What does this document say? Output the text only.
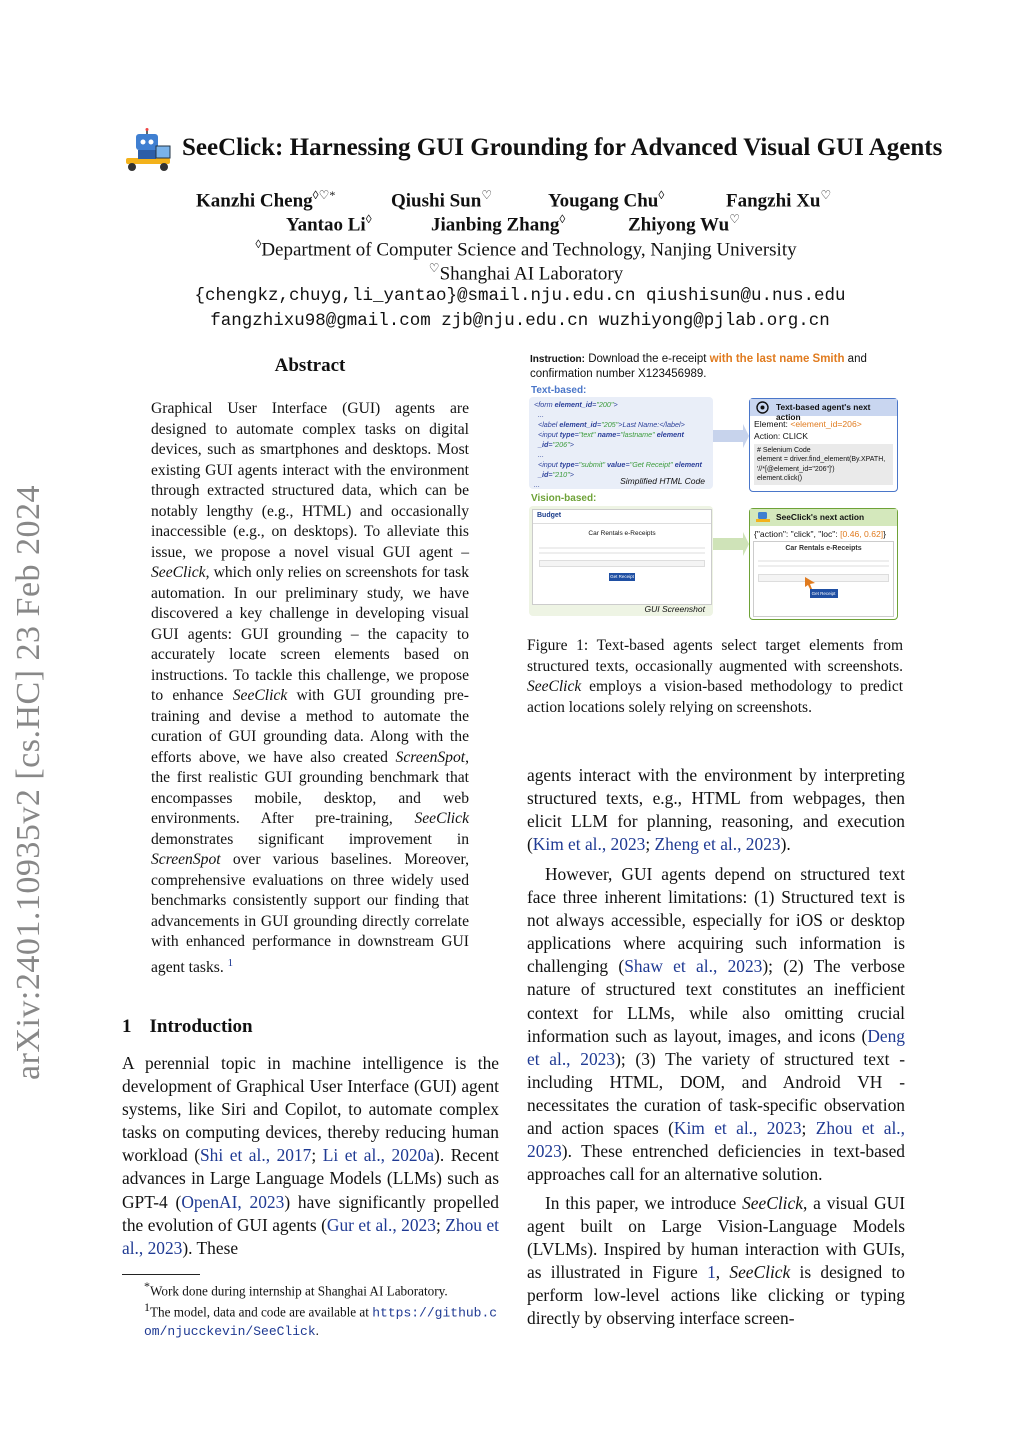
arXiv:2401.10935v2 [cs.HC] 23 Feb 2024
SeeClick: Harnessing GUI Grounding for Advanced Visual GUI Agents
Kanzhi Cheng◊♡*	Qiushi Sun♡	Yougang Chu◊	Fangzhi Xu♡
Yantao Li◊	Jianbing Zhang◊	Zhiyong Wu♡
◊Department of Computer Science and Technology, Nanjing University
♡Shanghai AI Laboratory
{chengkz,chuyg,li_yantao}@smail.nju.edu.cn qiushisun@u.nus.edu
fangzhixu98@gmail.com zjb@nju.edu.cn wuzhiyong@pjlab.org.cn
Abstract
Graphical User Interface (GUI) agents are designed to automate complex tasks on digital devices, such as smartphones and desktops. Most existing GUI agents interact with the environment through extracted structured data, which can be notably lengthy (e.g., HTML) and occasionally inaccessible (e.g., on desktops). To alleviate this issue, we propose a novel visual GUI agent – SeeClick, which only relies on screenshots for task automation. In our preliminary study, we have discovered a key challenge in developing visual GUI agents: GUI grounding – the capacity to accurately locate screen elements based on instructions. To tackle this challenge, we propose to enhance SeeClick with GUI grounding pre-training and devise a method to automate the curation of GUI grounding data. Along with the efforts above, we have also created ScreenSpot, the first realistic GUI grounding benchmark that encompasses mobile, desktop, and web environments. After pre-training, SeeClick demonstrates significant improvement in ScreenSpot over various baselines. Moreover, comprehensive evaluations on three widely used benchmarks consistently support our finding that advancements in GUI grounding directly correlate with enhanced performance in downstream GUI agent tasks. $^1$
1 Introduction
A perennial topic in machine intelligence is the development of Graphical User Interface (GUI) agent systems, like Siri and Copilot, to automate complex tasks on computing devices, thereby reducing human workload (Shi et al., 2017; Li et al., 2020a). Recent advances in Large Language Models (LLMs) such as GPT-4 (OpenAI, 2023) have significantly propelled the evolution of GUI agents (Gur et al., 2023; Zhou et al., 2023). These
*Work done during internship at Shanghai AI Laboratory.
1The model, data and code are available at https://github.com/njucckevin/SeeClick.
Instruction: Download the e-receipt with the last name Smith and confirmation number X123456989.
Text-based:
<form element_id="200">
...
<label element_id="205">Last Name:</label>
<input type="text" name="lastname" element
_id="206">
...
<input type="submit" value="Get Receipt" element
_id="210">
...	Simplified HTML Code
Vision-based:
Budget
Car Rentals e-Receipts
Get Receipt
GUI Screenshot
Text-based agent's next action
Element: <element_id=206>
Action: CLICK
# Selenium Code
element = driver.find_element(By.XPATH,
'//*[@element_id="206"]')
element.click()
SeeClick's next action
{"action": "click", "loc": [0.46, 0.62]}
Car Rentals e-Receipts
Get Receipt
Figure 1: Text-based agents select target elements from structured texts, occasionally augmented with screenshots. SeeClick employs a vision-based methodology to predict action locations solely relying on screenshots.
agents interact with the environment by interpreting structured texts, e.g., HTML from webpages, then elicit LLM for planning, reasoning, and execution (Kim et al., 2023; Zheng et al., 2023).
However, GUI agents depend on structured text face three inherent limitations: (1) Structured text is not always accessible, especially for iOS or desktop applications where acquiring such information is challenging (Shaw et al., 2023); (2) The verbose nature of structured text constitutes an inefficient context for LLMs, while also omitting crucial information such as layout, images, and icons (Deng et al., 2023); (3) The variety of structured text - including HTML, DOM, and Android VH - necessitates the curation of task-specific observation and action spaces (Kim et al., 2023; Zhou et al., 2023). These entrenched deficiencies in text-based approaches call for an alternative solution.
In this paper, we introduce SeeClick, a visual GUI agent built on Large Vision-Language Models (LVLMs). Inspired by human interaction with GUIs, as illustrated in Figure 1, SeeClick is designed to perform low-level actions like clicking or typing directly by observing interface screen-
